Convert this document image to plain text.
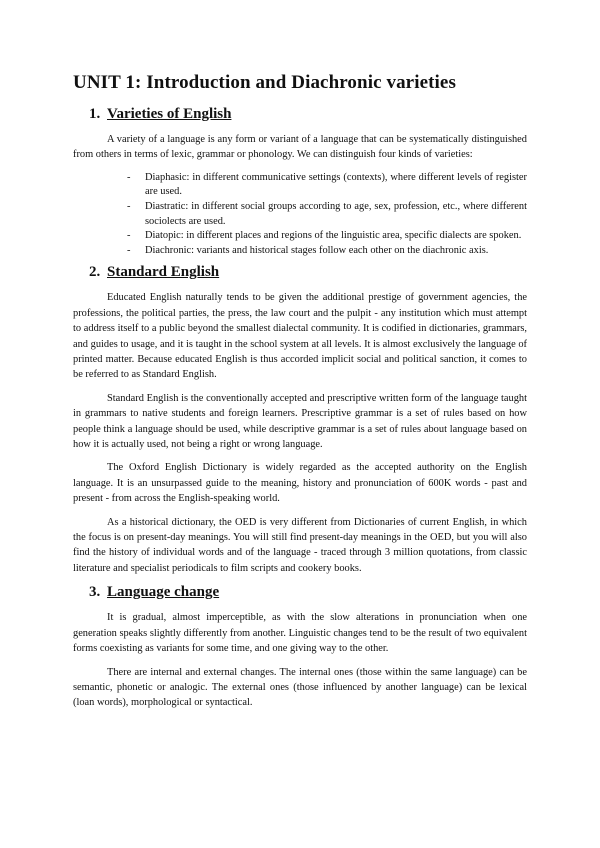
UNIT 1: Introduction and Diachronic varieties
1. Varieties of English

A variety of a language is any form or variant of a language that can be systematically distinguished from others in terms of lexic, grammar or phonology. We can distinguish four kinds of varieties:

- Diaphasic: in different communicative settings (contexts), where different levels of register are used.
- Diastratic: in different social groups according to age, sex, profession, etc., where different sociolects are used.
- Diatopic: in different places and regions of the linguistic area, specific dialects are spoken.
- Diachronic: variants and historical stages follow each other on the diachronic axis.
2. Standard English

Educated English naturally tends to be given the additional prestige of government agencies, the professions, the political parties, the press, the law court and the pulpit - any institution which must attempt to address itself to a public beyond the smallest dialectal community. It is codified in dictionaries, grammars, and guides to usage, and it is taught in the school system at all levels. It is almost exclusively the language of printed matter. Because educated English is thus accorded implicit social and political sanction, it comes to be referred to as Standard English.

Standard English is the conventionally accepted and prescriptive written form of the language taught in grammars to native students and foreign learners. Prescriptive grammar is a set of rules based on how people think a language should be used, while descriptive grammar is a set of rules about language based on how it is actually used, not being a right or wrong language.

The Oxford English Dictionary is widely regarded as the accepted authority on the English language. It is an unsurpassed guide to the meaning, history and pronunciation of 600K words - past and present - from across the English-speaking world.

As a historical dictionary, the OED is very different from Dictionaries of current English, in which the focus is on present-day meanings. You will still find present-day meanings in the OED, but you will also find the history of individual words and of the language - traced through 3 million quotations, from classic literature and specialist periodicals to film scripts and cookery books.

3. Language change

It is gradual, almost imperceptible, as with the slow alterations in pronunciation when one generation speaks slightly differently from another. Linguistic changes tend to be the result of two equivalent forms coexisting as variants for some time, and one giving way to the other.

There are internal and external changes. The internal ones (those within the same language) can be semantic, phonetic or analogic. The external ones (those influenced by another language) can be lexical (loan words), morphological or syntactical.
